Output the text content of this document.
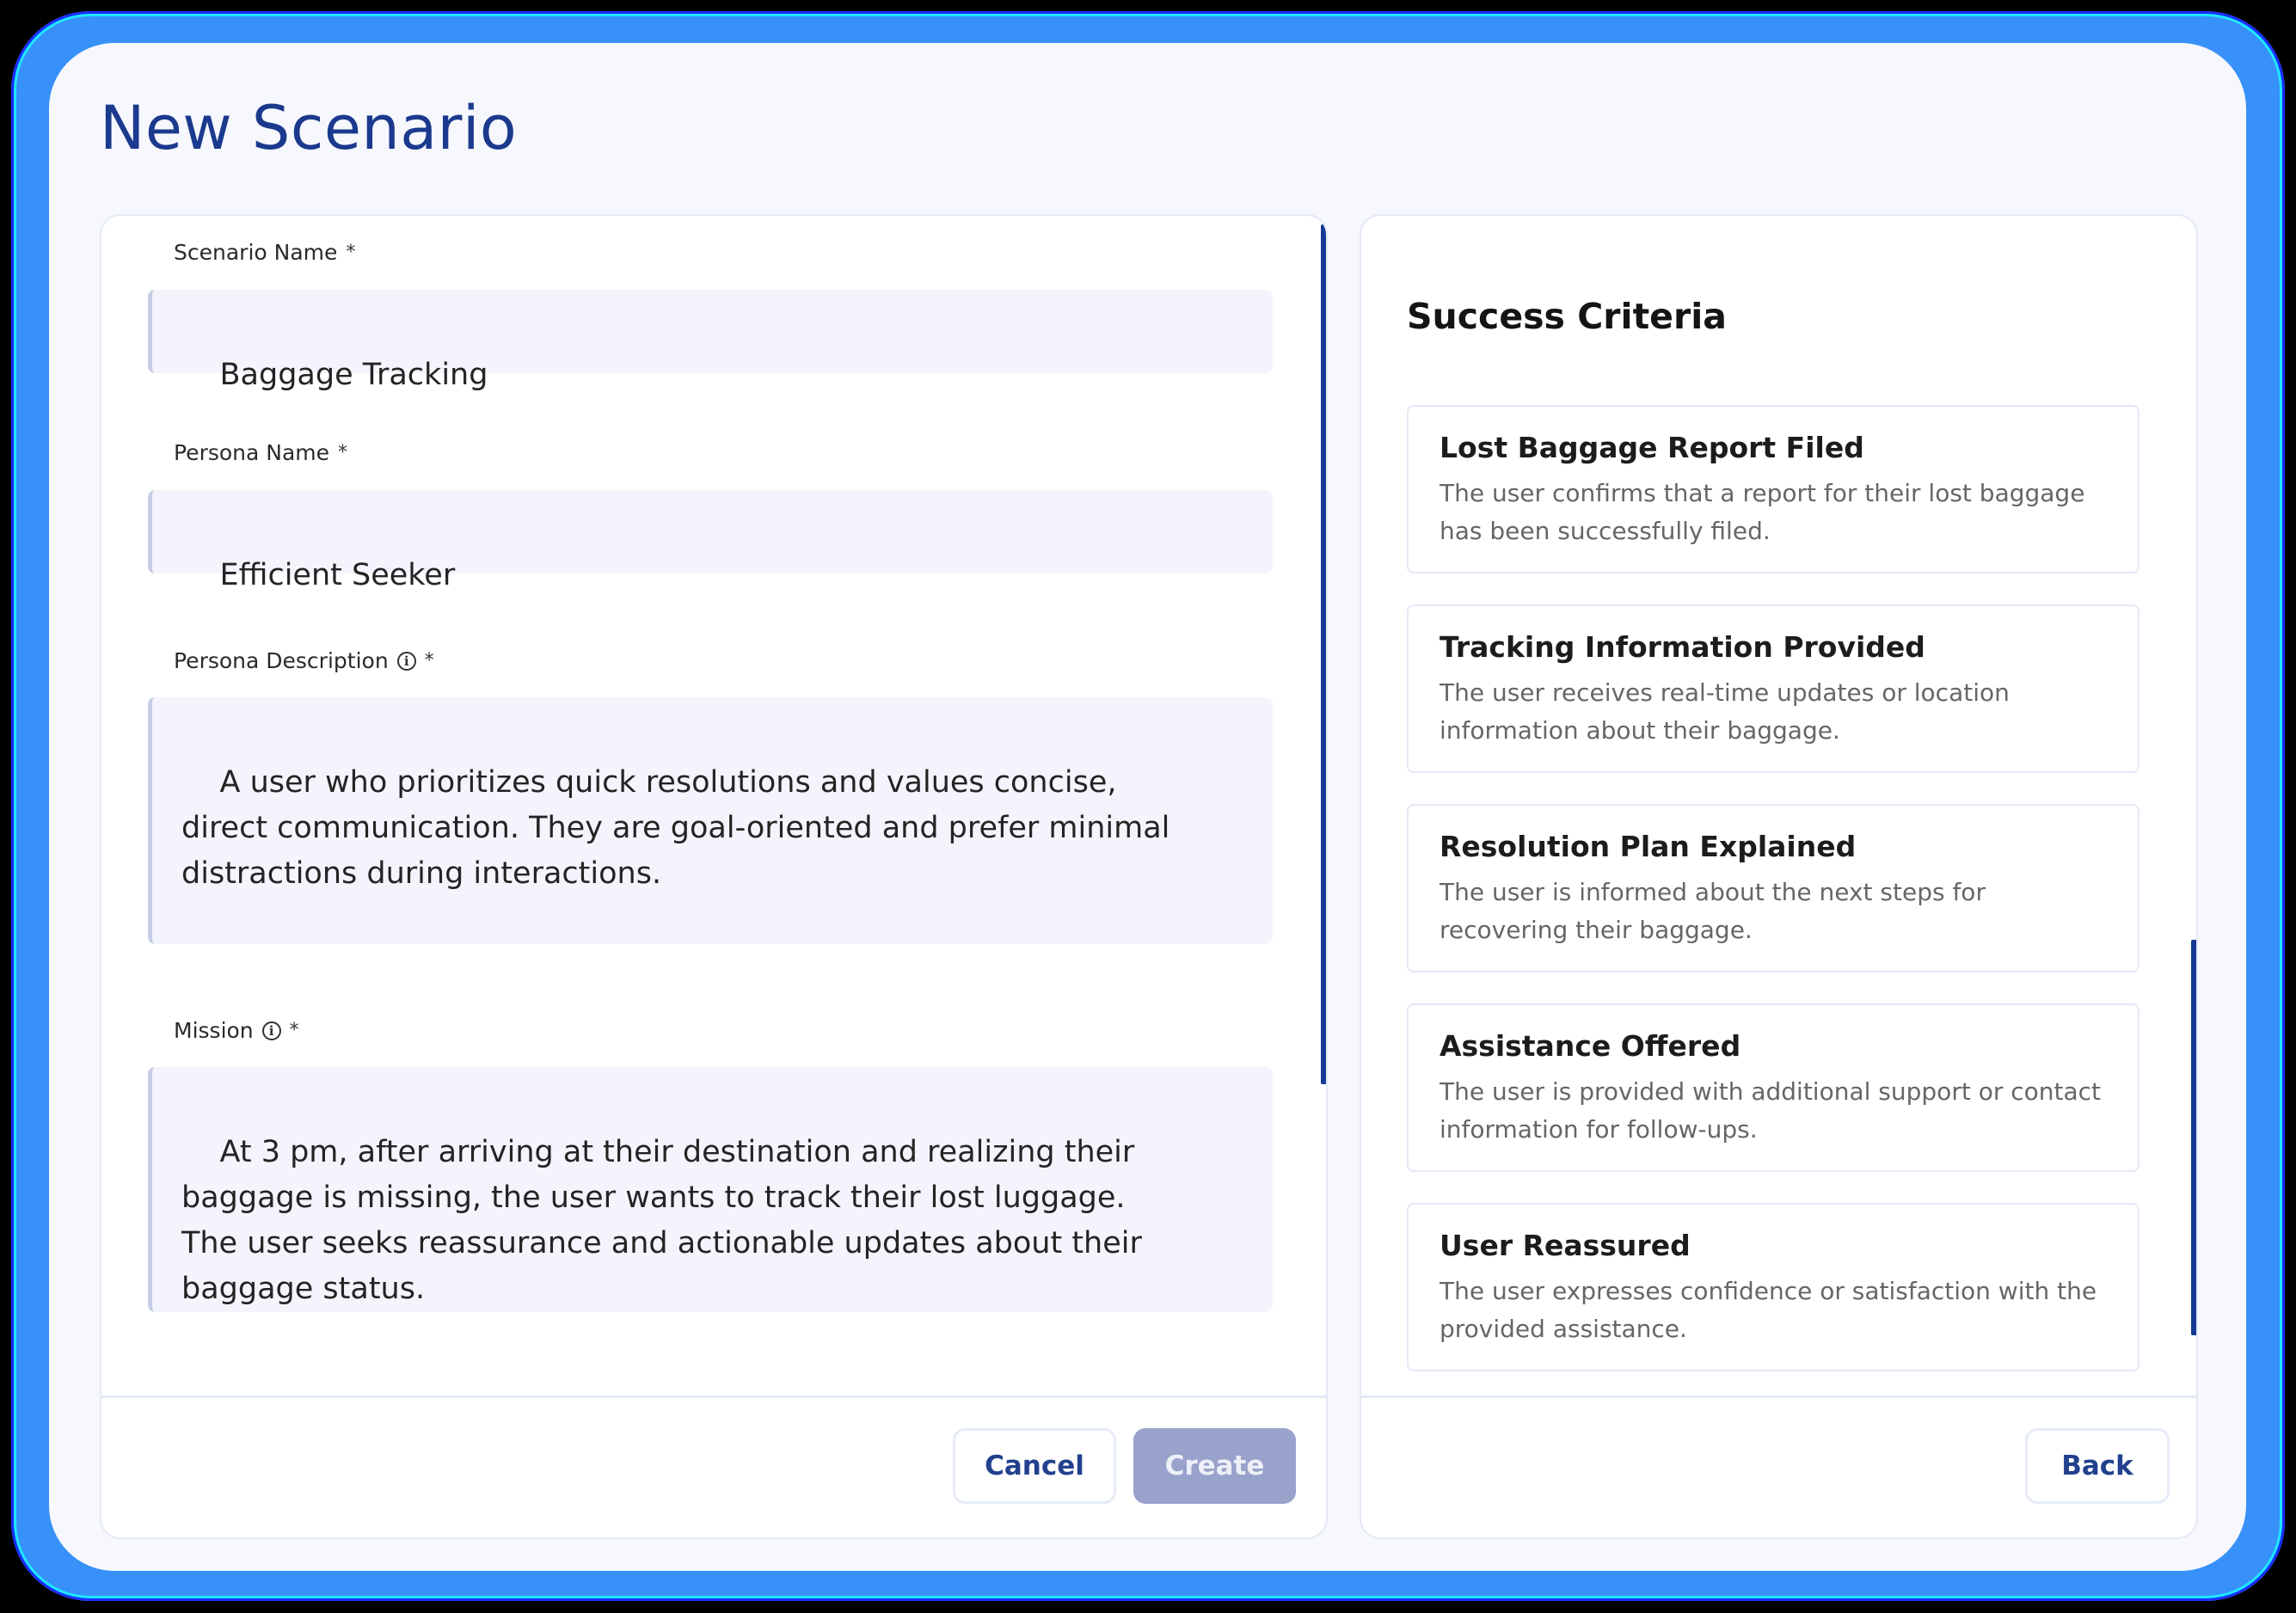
New Scenario
Scenario Name *

Baggage Tracking

Persona Name *

Efficient Seeker

Persona Description	i *

A user who prioritizes quick resolutions and values concise, direct communication. They are goal-oriented and prefer minimal distractions during interactions.

Mission	i *

At 3 pm, after arriving at their destination and realizing their baggage is missing, the user wants to track their lost luggage. The user seeks reassurance and actionable updates about their baggage status.

Cancel	Create
Success Criteria

Lost Baggage Report Filed

The user confirms that a report for their lost baggage has been successfully filed.

Tracking Information Provided

The user receives real-time updates or location information about their baggage.

Resolution Plan Explained

The user is informed about the next steps for recovering their baggage.

Assistance Offered

The user is provided with additional support or contact information for follow-ups.

User Reassured

The user expresses confidence or satisfaction with the provided assistance.

Back
